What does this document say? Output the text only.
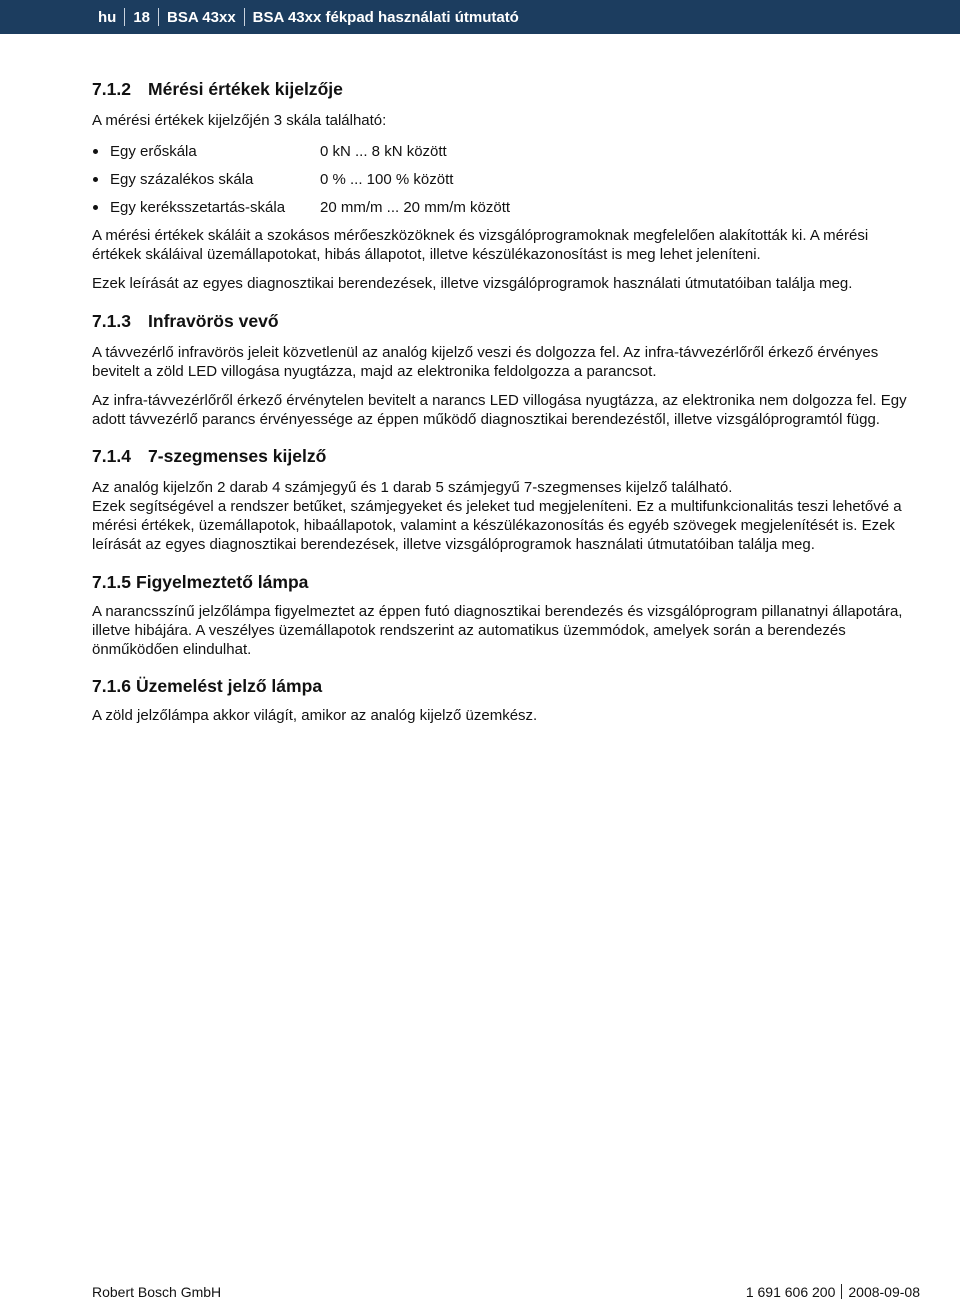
hu 18 BSA 43xx BSA 43xx fékpad használati útmutató
7.1.2 Mérési értékek kijelzője

A mérési értékek kijelzőjén 3 skála található:

Egy erőskála	0 kN ... 8 kN között
Egy százalékos skála	0 % ... 100 % között
Egy keréksszetartás-skála 20 mm/m ... 20 mm/m között

A mérési értékek skáláit a szokásos mérőeszközöknek és vizsgálóprogramoknak megfelelően alakították ki. A mérési értékek skáláival üzemállapotokat, hibás állapotot, illetve készülékazonosítást is meg lehet jeleníteni.

Ezek leírását az egyes diagnosztikai berendezések, illetve vizsgálóprogramok használati útmutatóiban találja meg.

7.1.3 Infravörös vevő

A távvezérlő infravörös jeleit közvetlenül az analóg kijelző veszi és dolgozza fel. Az infra-távvezérlőről érkező érvényes bevitelt a zöld LED villogása nyugtázza, majd az elektronika feldolgozza a parancsot.

Az infra-távvezérlőről érkező érvénytelen bevitelt a narancs LED villogása nyugtázza, az elektronika nem dolgozza fel. Egy adott távvezérlő parancs érvényessége az éppen működő diagnosztikai berendezéstől, illetve vizsgálóprogramtól függ.

7.1.4 7-szegmenses kijelző

Az analóg kijelzőn 2 darab 4 számjegyű és 1 darab 5 számjegyű 7-szegmenses kijelző található.

Ezek segítségével a rendszer betűket, számjegyeket és jeleket tud megjeleníteni. Ez a multifunkcionalitás teszi lehetővé a mérési értékek, üzemállapotok, hibaállapotok, valamint a készülékazonosítás és egyéb szövegek megjelenítését is. Ezek leírását az egyes diagnosztikai berendezések, illetve vizsgálóprogramok használati útmutatóiban találja meg.

7.1.5 Figyelmeztető lámpa

A narancsszínű jelzőlámpa figyelmeztet az éppen futó diagnosztikai berendezés és vizsgálóprogram pillanatnyi állapotára, illetve hibájára. A veszélyes üzemállapotok rendszerint az automatikus üzemmódok, amelyek során a berendezés önműködően elindulhat.

7.1.6 Üzemelést jelző lámpa

A zöld jelzőlámpa akkor világít, amikor az analóg kijelző üzemkész.

Robert Bosch GmbH	1 691 606 200 2008-09-08
